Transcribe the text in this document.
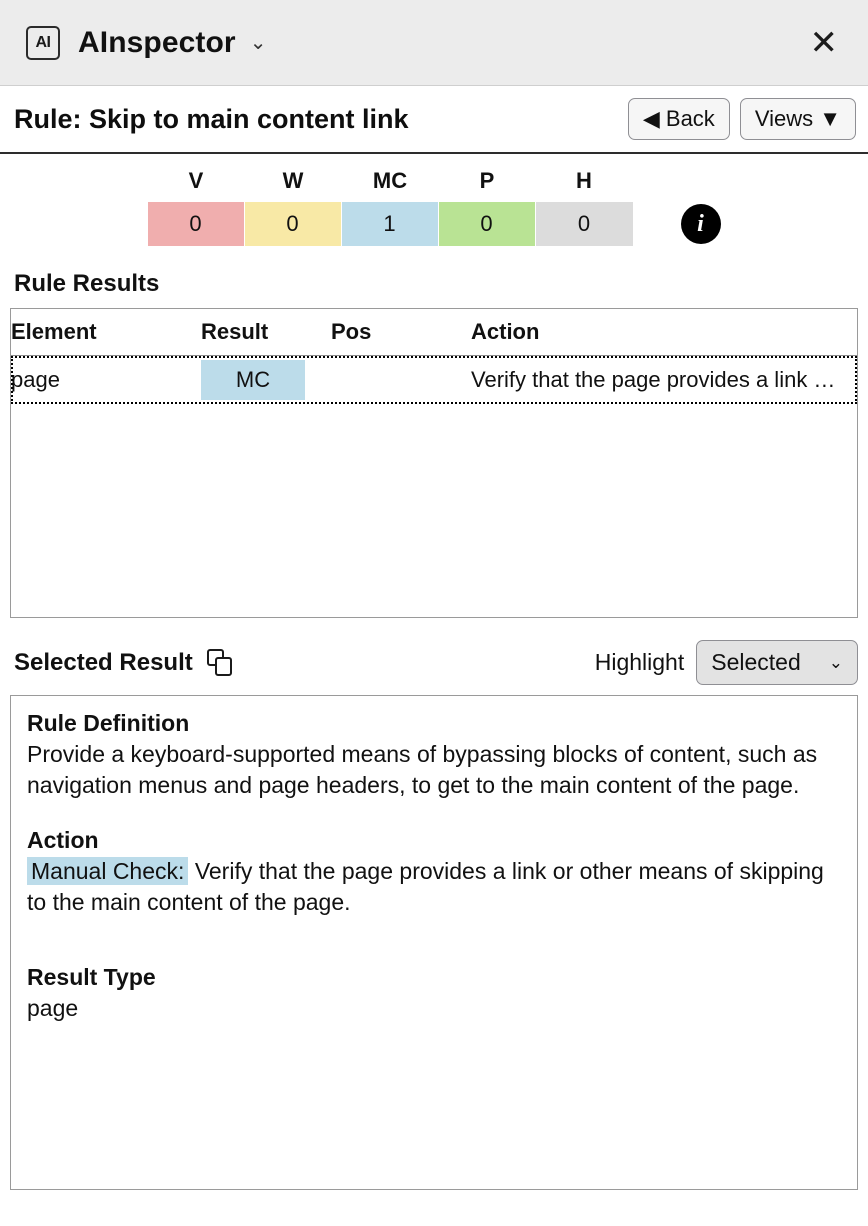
AI AInspector ⌄	✕
Rule: Skip to main content link	◀ Back	Views ▼
V	W	MC	P	H
0	0	1	0	0	i
Rule Results
Element	Result	Pos	Action
page	MC		Verify that the page provides a link …
Selected Result	Highlight Selected ⌄
Rule Definition

Provide a keyboard-supported means of bypassing blocks of content, such as navigation menus and page headers, to get to the main content of the page.

Action

Manual Check: Verify that the page provides a link or other means of skipping to the main content of the page.

Result Type

page
